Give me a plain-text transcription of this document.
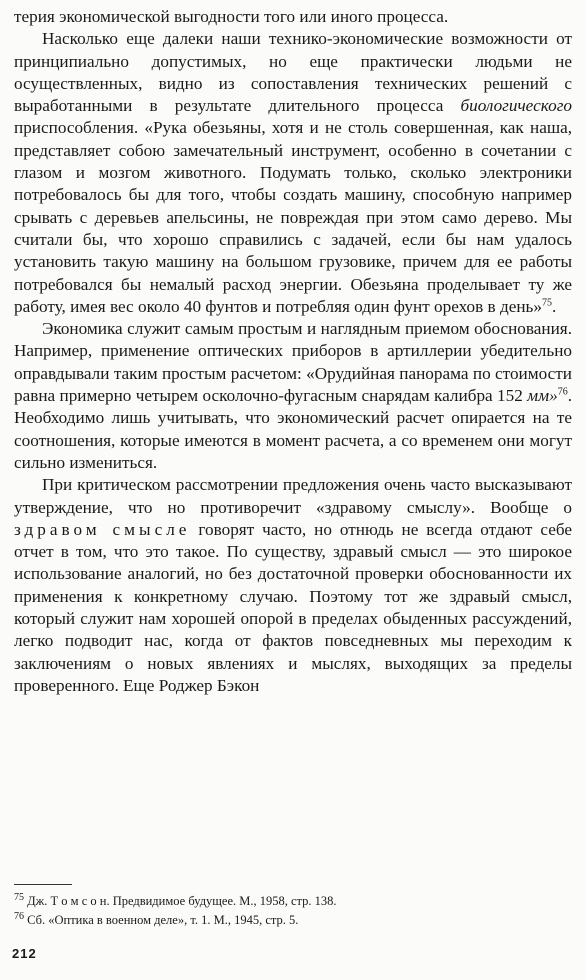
терия экономической выгодности того или иного процесса.

Насколько еще далеки наши технико-экономические возможности от принципиально допустимых, но еще практически людьми не осуществленных, видно из сопоставления технических решений с выработанными в результате длительного процесса биологического приспособления. «Рука обезьяны, хотя и не столь совершенная, как наша, представляет собою замечательный инструмент, особенно в сочетании с глазом и мозгом животного. Подумать только, сколько электроники потребовалось бы для того, чтобы создать машину, способную например срывать с деревьев апельсины, не повреждая при этом само дерево. Мы считали бы, что хорошо справились с задачей, если бы нам удалось установить такую машину на большом грузовике, причем для ее работы потребовался бы немалый расход энергии. Обезьяна проделывает ту же работу, имея вес около 40 фунтов и потребляя один фунт орехов в день»$^{75}$.

Экономика служит самым простым и наглядным приемом обоснования. Например, применение оптических приборов в артиллерии убедительно оправдывали таким простым расчетом: «Орудийная панорама по стоимости равна примерно четырем осколочно-фугасным снарядам калибра 152 мм»$^{76}$. Необходимо лишь учитывать, что экономический расчет опирается на те соотношения, которые имеются в момент расчета, а со временем они могут сильно измениться.

При критическом рассмотрении предложения очень часто высказывают утверждение, что но противоречит «здравому смыслу». Вообще о здравом смысле говорят часто, но отнюдь не всегда отдают себе отчет в том, что это такое. По существу, здравый смысл — это широкое использование аналогий, но без достаточной проверки обоснованности их применения к конкретному случаю. Поэтому тот же здравый смысл, который служит нам хорошей опорой в пределах обыденных рассуждений, легко подводит нас, когда от фактов повседневных мы переходим к заключениям о новых явлениях и мыслях, выходящих за пределы проверенного. Еще Роджер Бэкон

$^{75}$ Дж. Т о м с о н. Предвидимое будущее. М., 1958, стр. 138.
$^{76}$ Сб. «Оптика в военном деле», т. 1. М., 1945, стр. 5.
212
